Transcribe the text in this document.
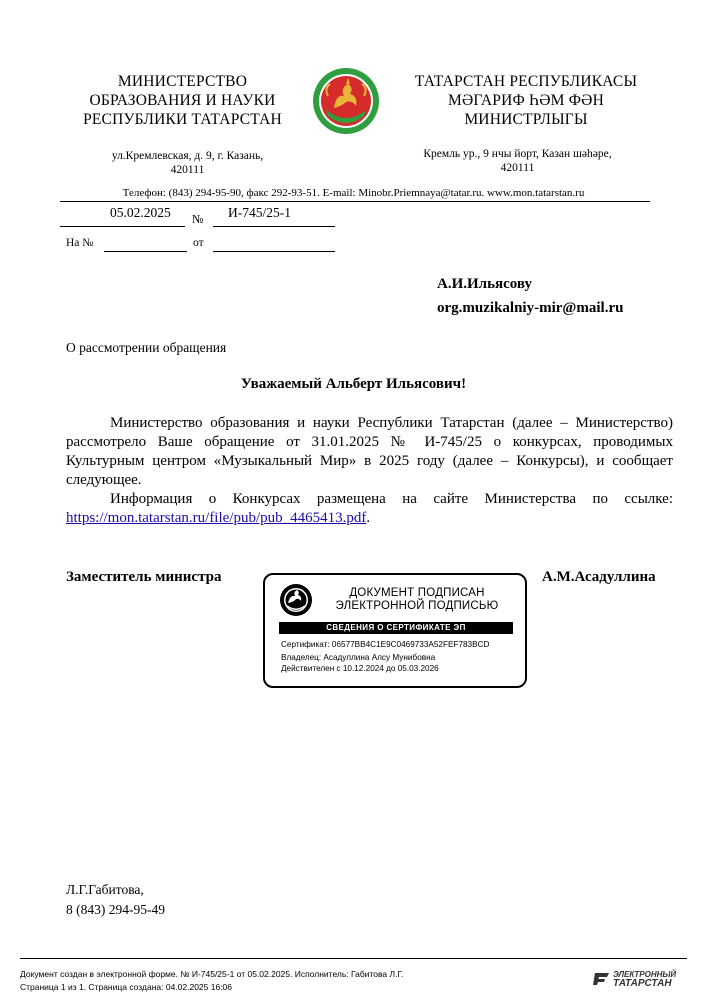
МИНИСТЕРСТВО
ОБРАЗОВАНИЯ И НАУКИ
РЕСПУБЛИКИ ТАТАРСТАН
ТАТАРСТАН РЕСПУБЛИКАСЫ
МӘГАРИФ ҺӘМ ФӘН
МИНИСТРЛЫГЫ
ул.Кремлевская, д. 9, г. Казань,
420111
Кремль ур., 9 нчы йорт, Казан шәһәре,
420111
Телефон: (843) 294-95-90, факс 292-93-51. E-mail: Minobr.Priemnaya@tatar.ru. www.mon.tatarstan.ru
05.02.2025 № И-745/25-1
На №	от
А.И.Ильясову
org.muzikalniy-mir@mail.ru
О рассмотрении обращения
Уважаемый Альберт Ильясович!

Министерство образования и науки Республики Татарстан (далее – Министерство) рассмотрело Ваше обращение от 31.01.2025 № И-745/25 о конкурсах, проводимых Культурным центром «Музыкальный Мир» в 2025 году (далее – Конкурсы), и сообщает следующее.

Информация о Конкурсах размещена на сайте Министерства по ссылке: https://mon.tatarstan.ru/file/pub/pub_4465413.pdf.

Заместитель министра	А.М.Асадуллина
ДОКУМЕНТ ПОДПИСАН
ЭЛЕКТРОННОЙ ПОДПИСЬЮ
СВЕДЕНИЯ О СЕРТИФИКАТЕ ЭП
Сертификат: 06577BB4C1E9C0469733A52FEF783BCD
Владелец: Асадуллина Алсу Мунибовна
Действителен с 10.12.2024 до 05.03.2026
Л.Г.Габитова,
8 (843) 294-95-49
Документ создан в электронной форме. № И-745/25-1 от 05.02.2025. Исполнитель: Габитова Л.Г.
Страница 1 из 1. Страница создана: 04.02.2025 16:06
ЭЛЕКТРОННЫЙ
ТАТАРСТАН
